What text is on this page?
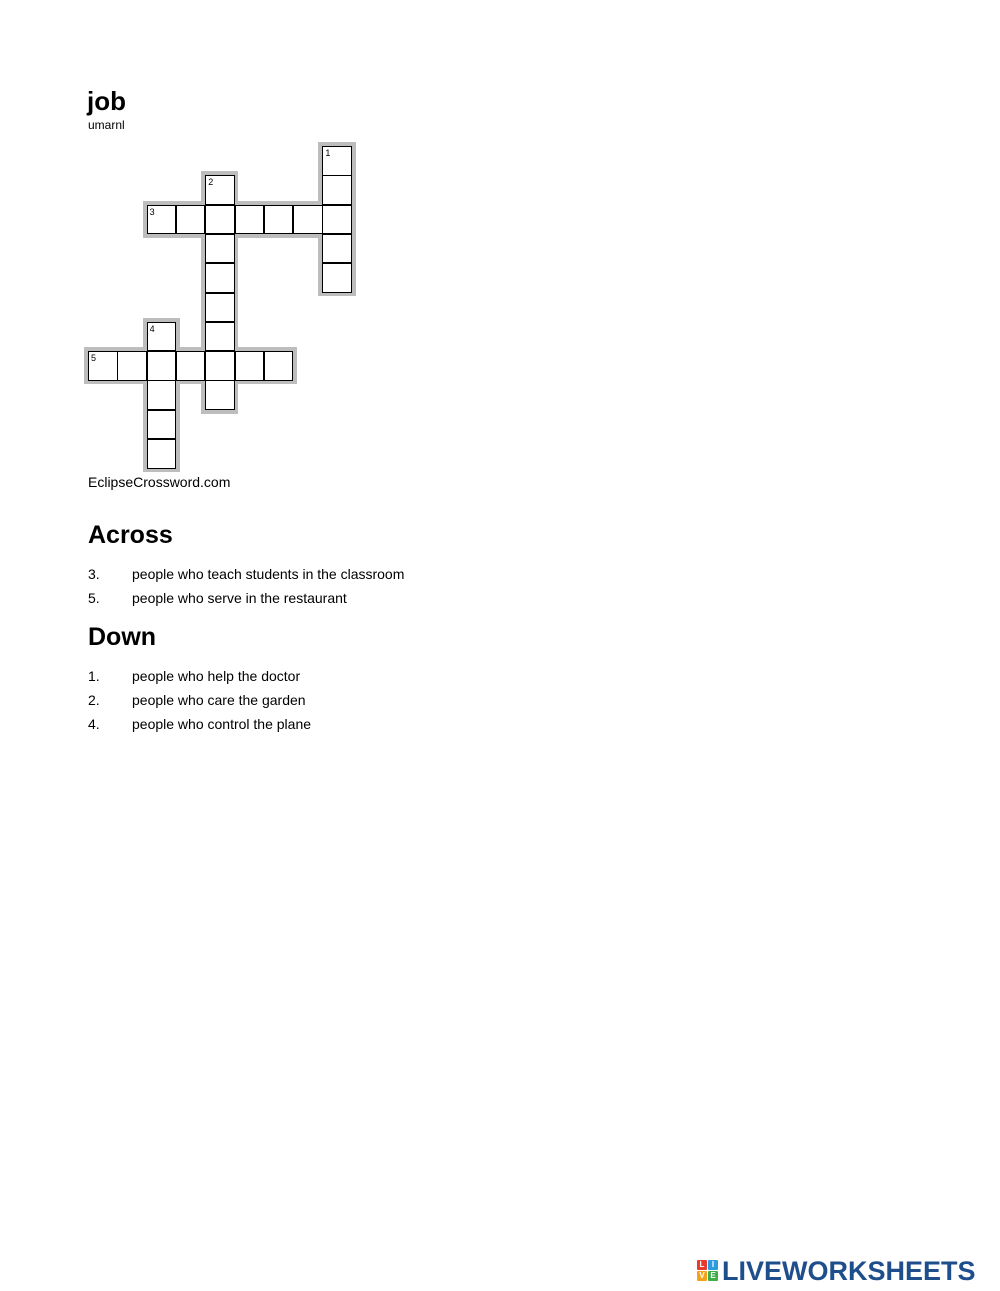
job
umarnl
1
2
3
4
5
EclipseCrossword.com
Across
3. people who teach students in the classroom
5. people who serve in the restaurant
Down
1. people who help the doctor
2. people who care the garden
4. people who control the plane
L I
V E LIVEWORKSHEETS
